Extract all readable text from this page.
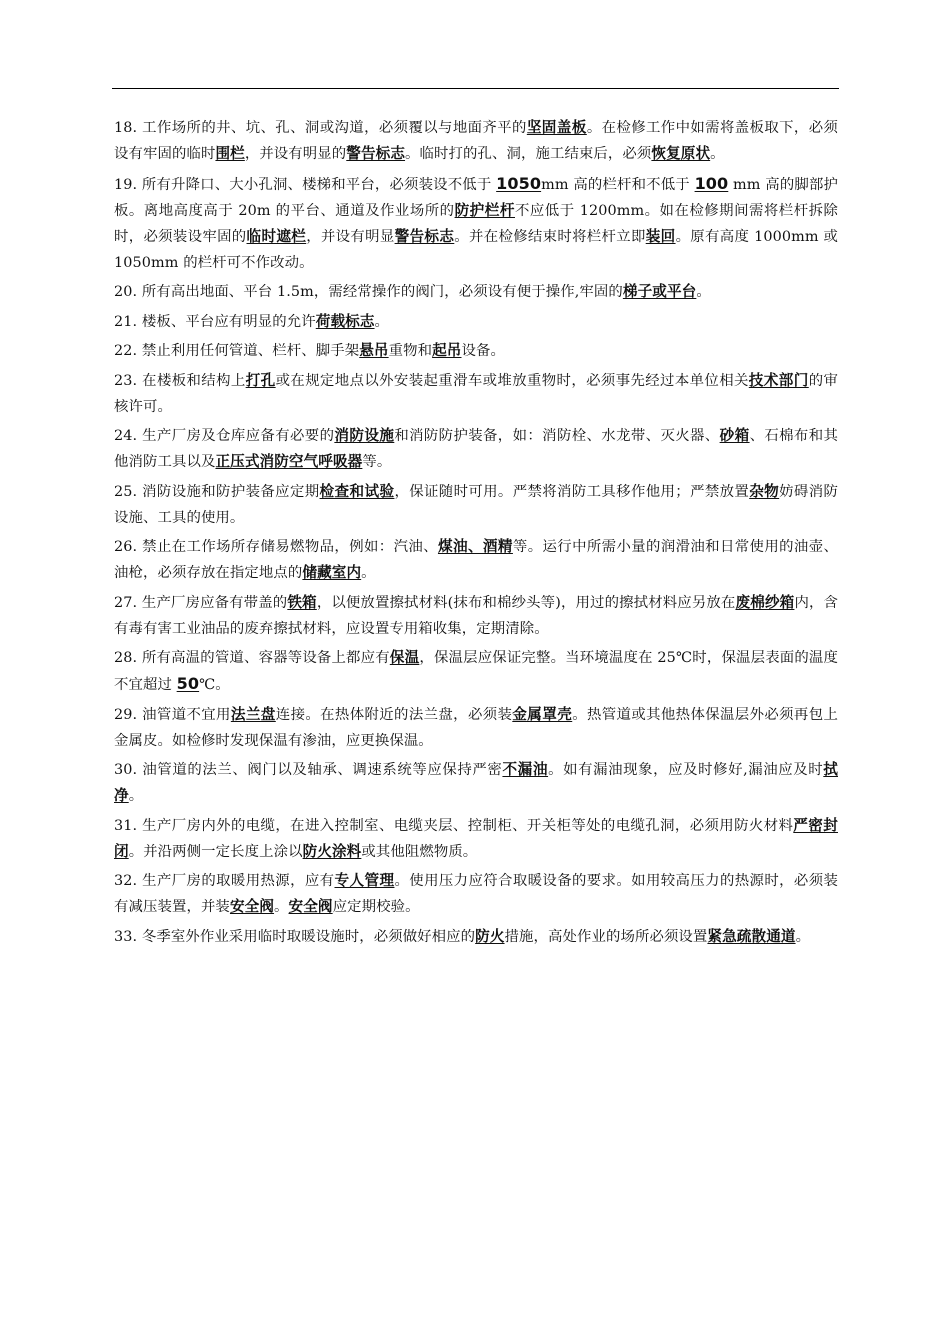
18. 工作场所的井、坑、孔、洞或沟道，必须覆以与地面齐平的坚固盖板。在检修工作中如需将盖板取下，必须设有牢固的临时围栏，并设有明显的警告标志。临时打的孔、洞，施工结束后，必须恢复原状。

19. 所有升降口、大小孔洞、楼梯和平台，必须装设不低于 1050mm 高的栏杆和不低于 100 mm 高的脚部护板。离地高度高于 20m 的平台、通道及作业场所的防护栏杆不应低于 1200mm。如在检修期间需将栏杆拆除时，必须装设牢固的临时遮栏，并设有明显警告标志。并在检修结束时将栏杆立即装回。原有高度 1000mm 或 1050mm 的栏杆可不作改动。

20. 所有高出地面、平台 1.5m，需经常操作的阀门，必须设有便于操作,牢固的梯子或平台。

21. 楼板、平台应有明显的允许荷载标志。

22. 禁止利用任何管道、栏杆、脚手架悬吊重物和起吊设备。

23. 在楼板和结构上打孔或在规定地点以外安装起重滑车或堆放重物时，必须事先经过本单位相关技术部门的审核许可。

24. 生产厂房及仓库应备有必要的消防设施和消防防护装备，如：消防栓、水龙带、灭火器、砂箱、石棉布和其他消防工具以及正压式消防空气呼吸器等。

25. 消防设施和防护装备应定期检查和试验，保证随时可用。严禁将消防工具移作他用；严禁放置杂物妨碍消防设施、工具的使用。

26. 禁止在工作场所存储易燃物品，例如：汽油、煤油、酒精等。运行中所需小量的润滑油和日常使用的油壶、油枪，必须存放在指定地点的储藏室内。

27. 生产厂房应备有带盖的铁箱，以便放置擦拭材料(抹布和棉纱头等)，用过的擦拭材料应另放在废棉纱箱内，含有毒有害工业油品的废弃擦拭材料，应设置专用箱收集，定期清除。

28. 所有高温的管道、容器等设备上都应有保温，保温层应保证完整。当环境温度在 25℃时，保温层表面的温度不宜超过 50℃。

29. 油管道不宜用法兰盘连接。在热体附近的法兰盘，必须装金属罩壳。热管道或其他热体保温层外必须再包上金属皮。如检修时发现保温有渗油，应更换保温。

30. 油管道的法兰、阀门以及轴承、调速系统等应保持严密不漏油。如有漏油现象，应及时修好,漏油应及时拭净。

31. 生产厂房内外的电缆，在进入控制室、电缆夹层、控制柜、开关柜等处的电缆孔洞，必须用防火材料严密封闭。并沿两侧一定长度上涂以防火涂料或其他阻燃物质。

32. 生产厂房的取暖用热源，应有专人管理。使用压力应符合取暖设备的要求。如用较高压力的热源时，必须装有减压装置，并装安全阀。安全阀应定期校验。

33. 冬季室外作业采用临时取暖设施时，必须做好相应的防火措施，高处作业的场所必须设置紧急疏散通道。
